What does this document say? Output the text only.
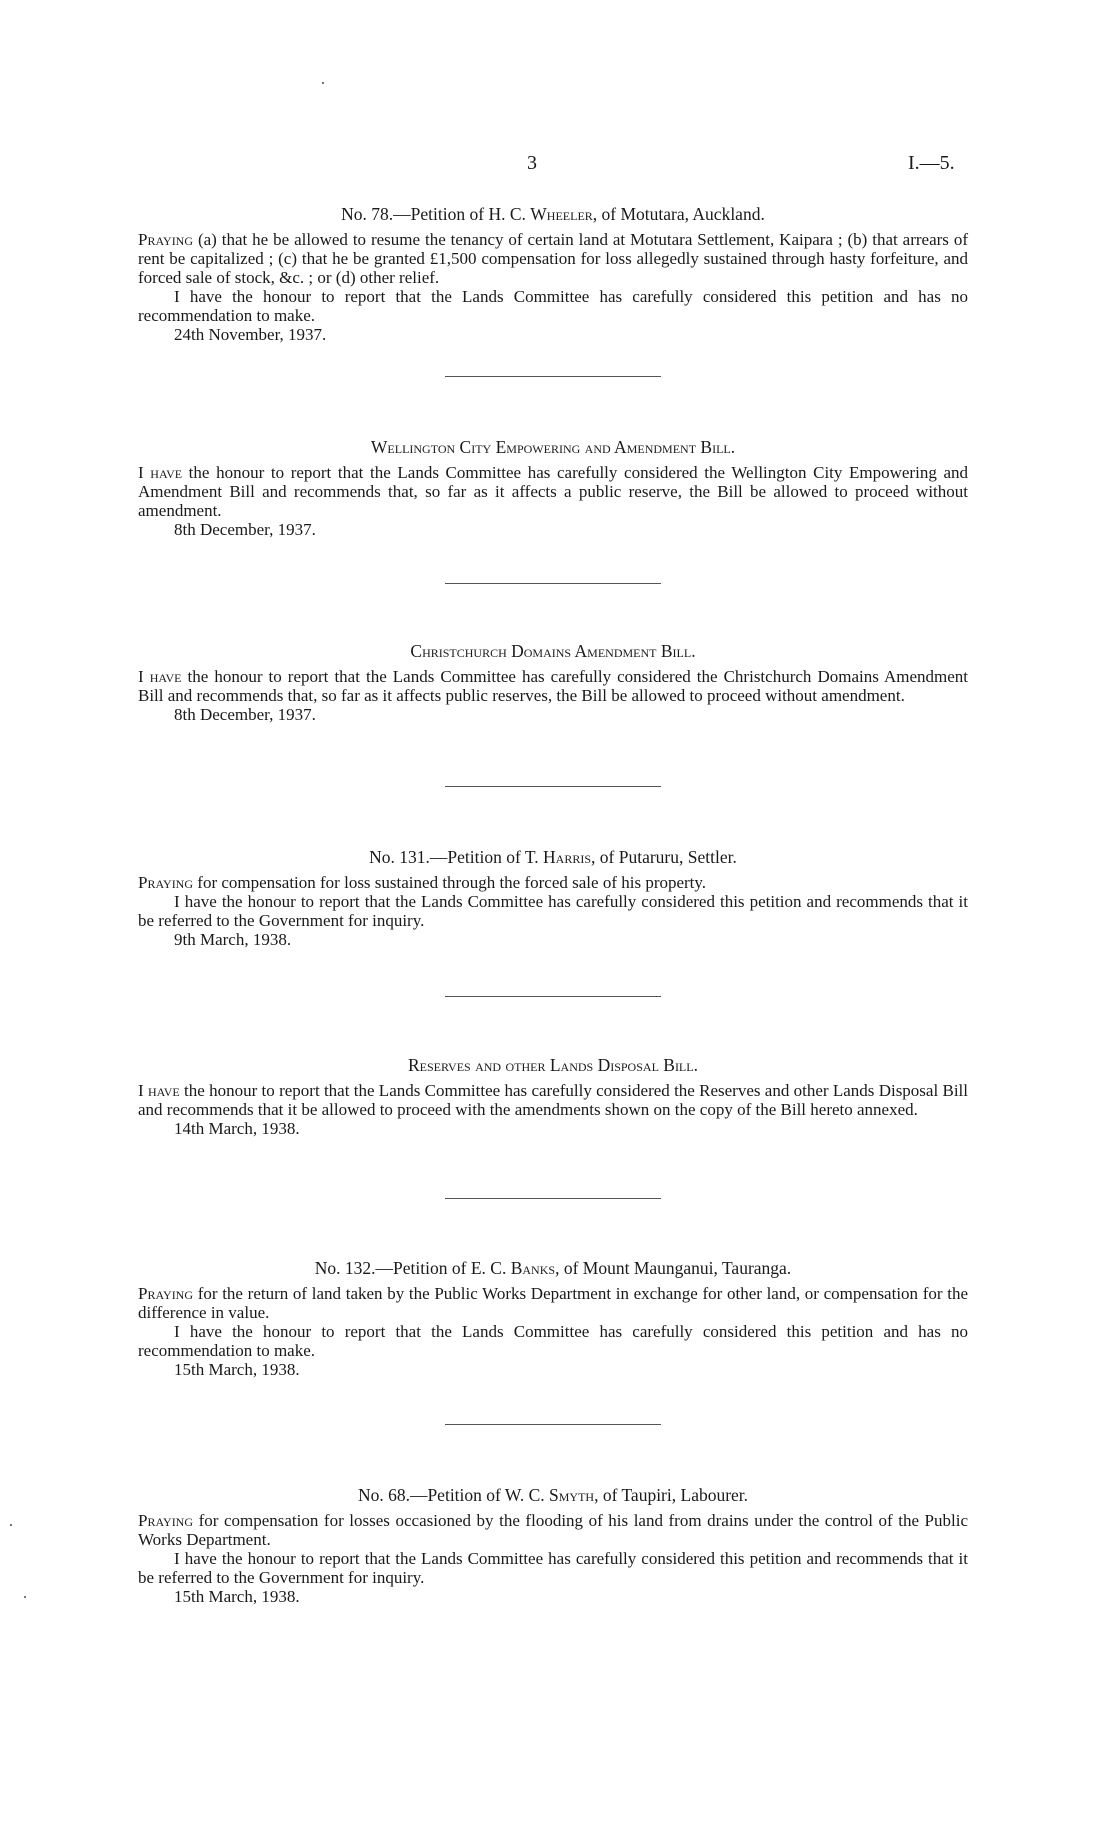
3	I.—5.
No. 78.—Petition of H. C. Wheeler, of Motutara, Auckland.
Praying (a) that he be allowed to resume the tenancy of certain land at Motutara Settlement, Kaipara ; (b) that arrears of rent be capitalized ; (c) that he be granted £1,500 compensation for loss allegedly sustained through hasty forfeiture, and forced sale of stock, &c. ; or (d) other relief.
I have the honour to report that the Lands Committee has carefully considered this petition and has no recommendation to make.
24th November, 1937.
Wellington City Empowering and Amendment Bill.
I have the honour to report that the Lands Committee has carefully considered the Wellington City Empowering and Amendment Bill and recommends that, so far as it affects a public reserve, the Bill be allowed to proceed without amendment.
8th December, 1937.
Christchurch Domains Amendment Bill.
I have the honour to report that the Lands Committee has carefully considered the Christchurch Domains Amendment Bill and recommends that, so far as it affects public reserves, the Bill be allowed to proceed without amendment.
8th December, 1937.
No. 131.—Petition of T. Harris, of Putaruru, Settler.
Praying for compensation for loss sustained through the forced sale of his property.
I have the honour to report that the Lands Committee has carefully considered this petition and recommends that it be referred to the Government for inquiry.
9th March, 1938.
Reserves and other Lands Disposal Bill.
I have the honour to report that the Lands Committee has carefully considered the Reserves and other Lands Disposal Bill and recommends that it be allowed to proceed with the amendments shown on the copy of the Bill hereto annexed.
14th March, 1938.
No. 132.—Petition of E. C. Banks, of Mount Maunganui, Tauranga.
Praying for the return of land taken by the Public Works Department in exchange for other land, or compensation for the difference in value.
I have the honour to report that the Lands Committee has carefully considered this petition and has no recommendation to make.
15th March, 1938.
No. 68.—Petition of W. C. Smyth, of Taupiri, Labourer.
Praying for compensation for losses occasioned by the flooding of his land from drains under the control of the Public Works Department.
I have the honour to report that the Lands Committee has carefully considered this petition and recommends that it be referred to the Government for inquiry.
15th March, 1938.
